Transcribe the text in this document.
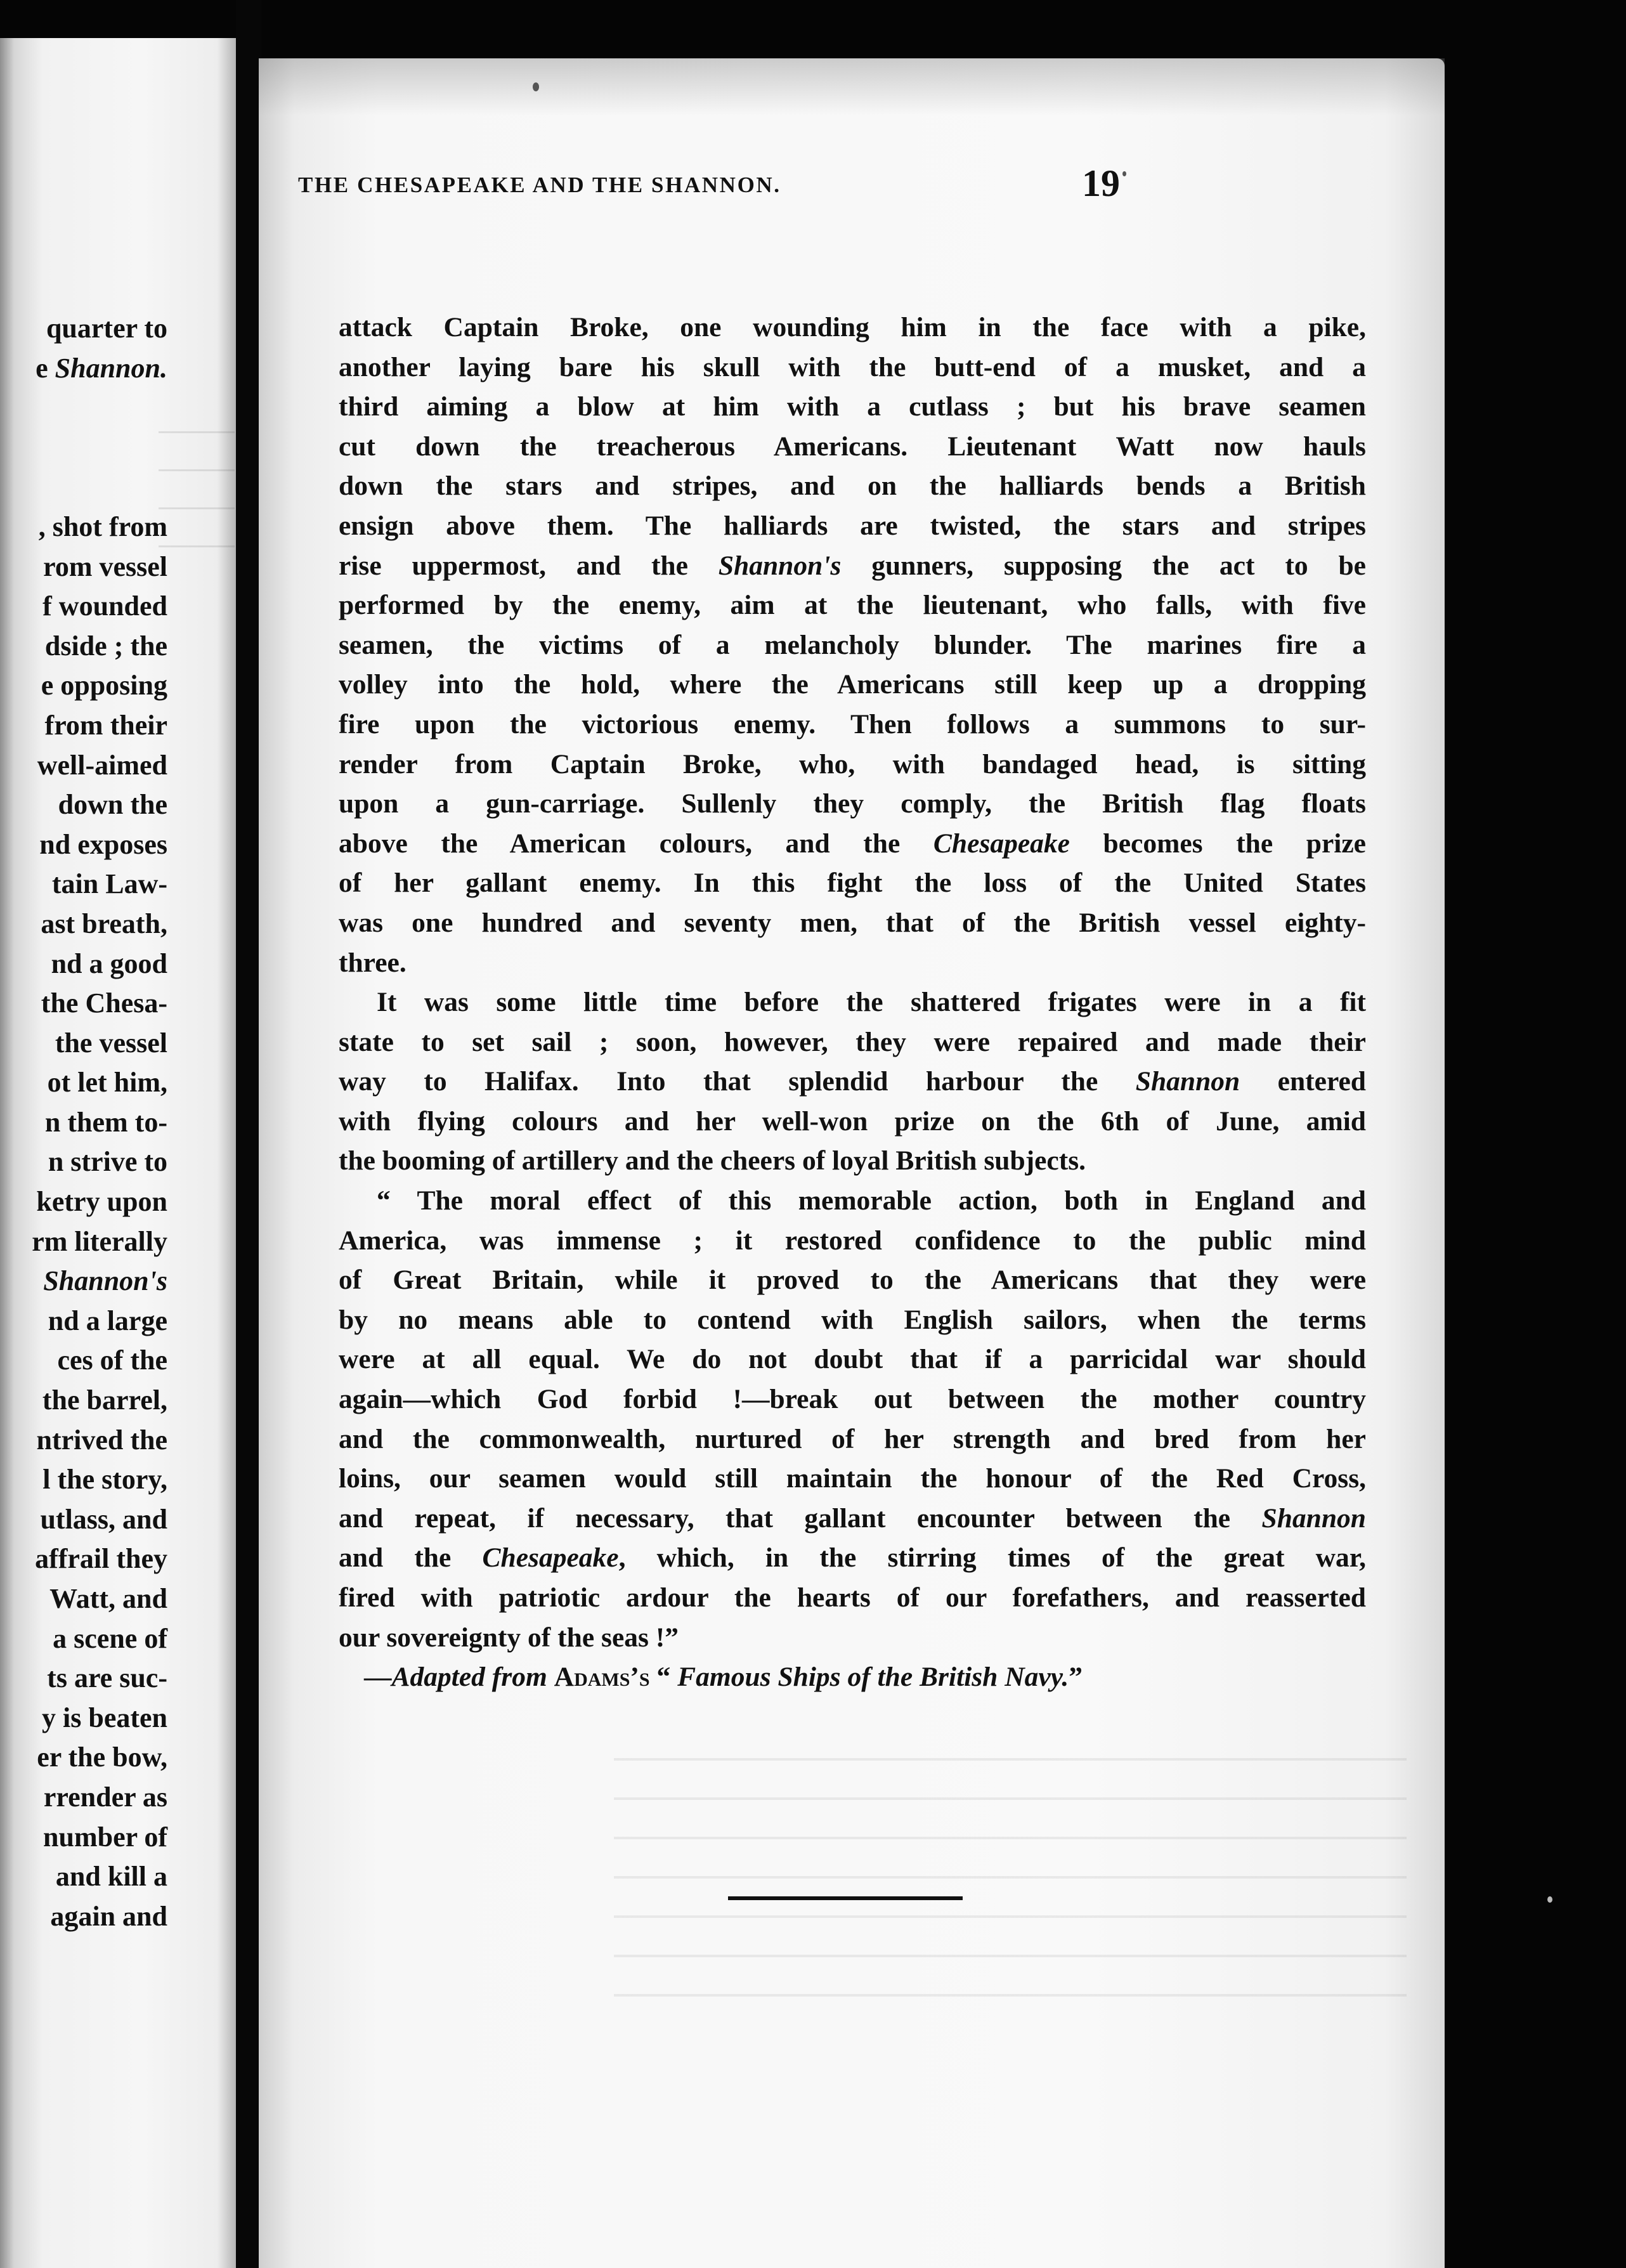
quarter to
e Shannon.
, shot from
rom vessel
f wounded
dside ; the
e opposing
from their
well-aimed
down the
nd exposes
tain Law-
ast breath,
nd a good
the Chesa-
the vessel
ot let him,
n them to-
n strive to
ketry upon
rm literally
Shannon's
nd a large
ces of the
the barrel,
ntrived the
l the story,
utlass, and
affrail they
Watt, and
a scene of
ts are suc-
y is beaten
er the bow,
rrender as
number of
and kill a
again and
attack Captain Broke, one wounding him in the face with a pike,
another laying bare his skull with the butt-end of a musket, and a
third aiming a blow at him with a cutlass ; but his brave seamen
cut down the treacherous Americans. Lieutenant Watt now hauls
down the stars and stripes, and on the halliards bends a British
ensign above them. The halliards are twisted, the stars and stripes
rise uppermost, and the Shannon's gunners, supposing the act to be
performed by the enemy, aim at the lieutenant, who falls, with five
seamen, the victims of a melancholy blunder. The marines fire a
volley into the hold, where the Americans still keep up a dropping
fire upon the victorious enemy. Then follows a summons to sur-
render from Captain Broke, who, with bandaged head, is sitting
upon a gun-carriage. Sullenly they comply, the British flag floats
above the American colours, and the Chesapeake becomes the prize
of her gallant enemy. In this fight the loss of the United States
was one hundred and seventy men, that of the British vessel eighty-
three.
It was some little time before the shattered frigates were in a fit
state to set sail ; soon, however, they were repaired and made their
way to Halifax. Into that splendid harbour the Shannon entered
with flying colours and her well-won prize on the 6th of June, amid
the booming of artillery and the cheers of loyal British subjects.
“ The moral effect of this memorable action, both in England and
America, was immense ; it restored confidence to the public mind
of Great Britain, while it proved to the Americans that they were
by no means able to contend with English sailors, when the terms
were at all equal. We do not doubt that if a parricidal war should
again—which God forbid !—break out between the mother country
and the commonwealth, nurtured of her strength and bred from her
loins, our seamen would still maintain the honour of the Red Cross,
and repeat, if necessary, that gallant encounter between the Shannon
and the Chesapeake, which, in the stirring times of the great war,
fired with patriotic ardour the hearts of our forefathers, and reasserted
our sovereignty of the seas !”
—Adapted from Adams’s “ Famous Ships of the British Navy.”
THE CHESAPEAKE AND THE SHANNON.	19
